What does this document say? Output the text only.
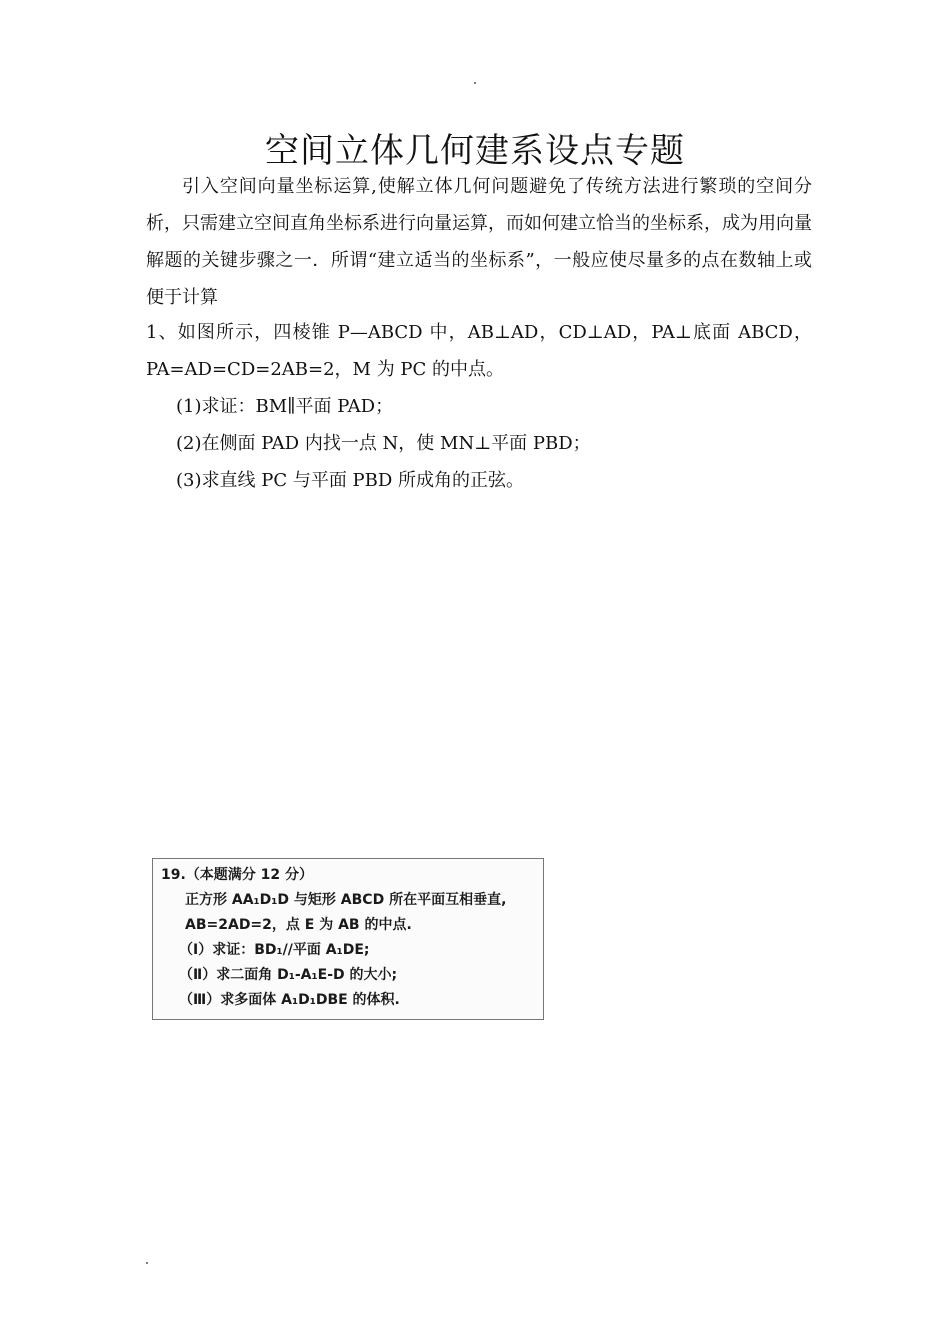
空间立体几何建系设点专题

引入空间向量坐标运算,使解立体几何问题避免了传统方法进行繁琐的空间分析，只需建立空间直角坐标系进行向量运算，而如何建立恰当的坐标系，成为用向量解题的关键步骤之一．所谓“建立适当的坐标系”，一般应使尽量多的点在数轴上或便于计算

1、如图所示，四棱锥 P—ABCD 中，AB⊥AD，CD⊥AD，PA⊥底面 ABCD，PA=AD=CD=2AB=2，M 为 PC 的中点。
(1)求证：BM∥平面 PAD；
(2)在侧面 PAD 内找一点 N，使 MN⊥平面 PBD；
(3)求直线 PC 与平面 PBD 所成角的正弦。
19.（本题满分 12 分）
正方形 AA₁D₁D 与矩形 ABCD 所在平面互相垂直,
AB=2AD=2，点 E 为 AB 的中点.
（Ⅰ）求证：BD₁//平面 A₁DE;
（Ⅱ）求二面角 D₁-A₁E-D 的大小;
（Ⅲ）求多面体 A₁D₁DBE 的体积.
